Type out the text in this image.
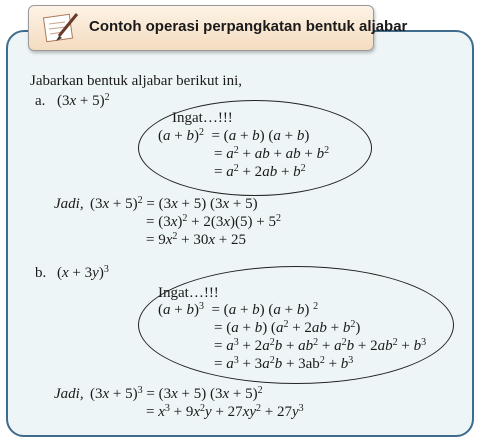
Contoh operasi perpangkatan bentuk aljabar
Jabarkan bentuk aljabar berikut ini,
a. $(3x + 5)^2$
Ingat…!!!
$(a + b)^2 = (a + b)$ (a + b)
= $a^2$ + ab + ab + $b^2$
= $a^2 + 2ab + b^2$
Jadi, $(3x + 5)^2 = (3x + 5)$ (3x + 5)
= $(3x)^2 + 2(3x)(5) + 5^2$
= $9x^2 + 30x + 25$
b. $(x + 3y)^3$
Ingat…!!!
$(a + b)^3 = (a + b)$ (a + b) $^2$
= (a + b) $(a^2 + 2ab + b^2)$
= $a^3 + 2a^2b + ab^2 + a^2b + 2ab^2 + b^3$
= $a^3 + 3a^2b + 3ab^2 + b^3$
Jadi, $(3x + 5)^3 = (3x + 5)$ $(3x + 5)^2$
= $x^3 + 9x^2y + 27xy^2 + 27y^3$
